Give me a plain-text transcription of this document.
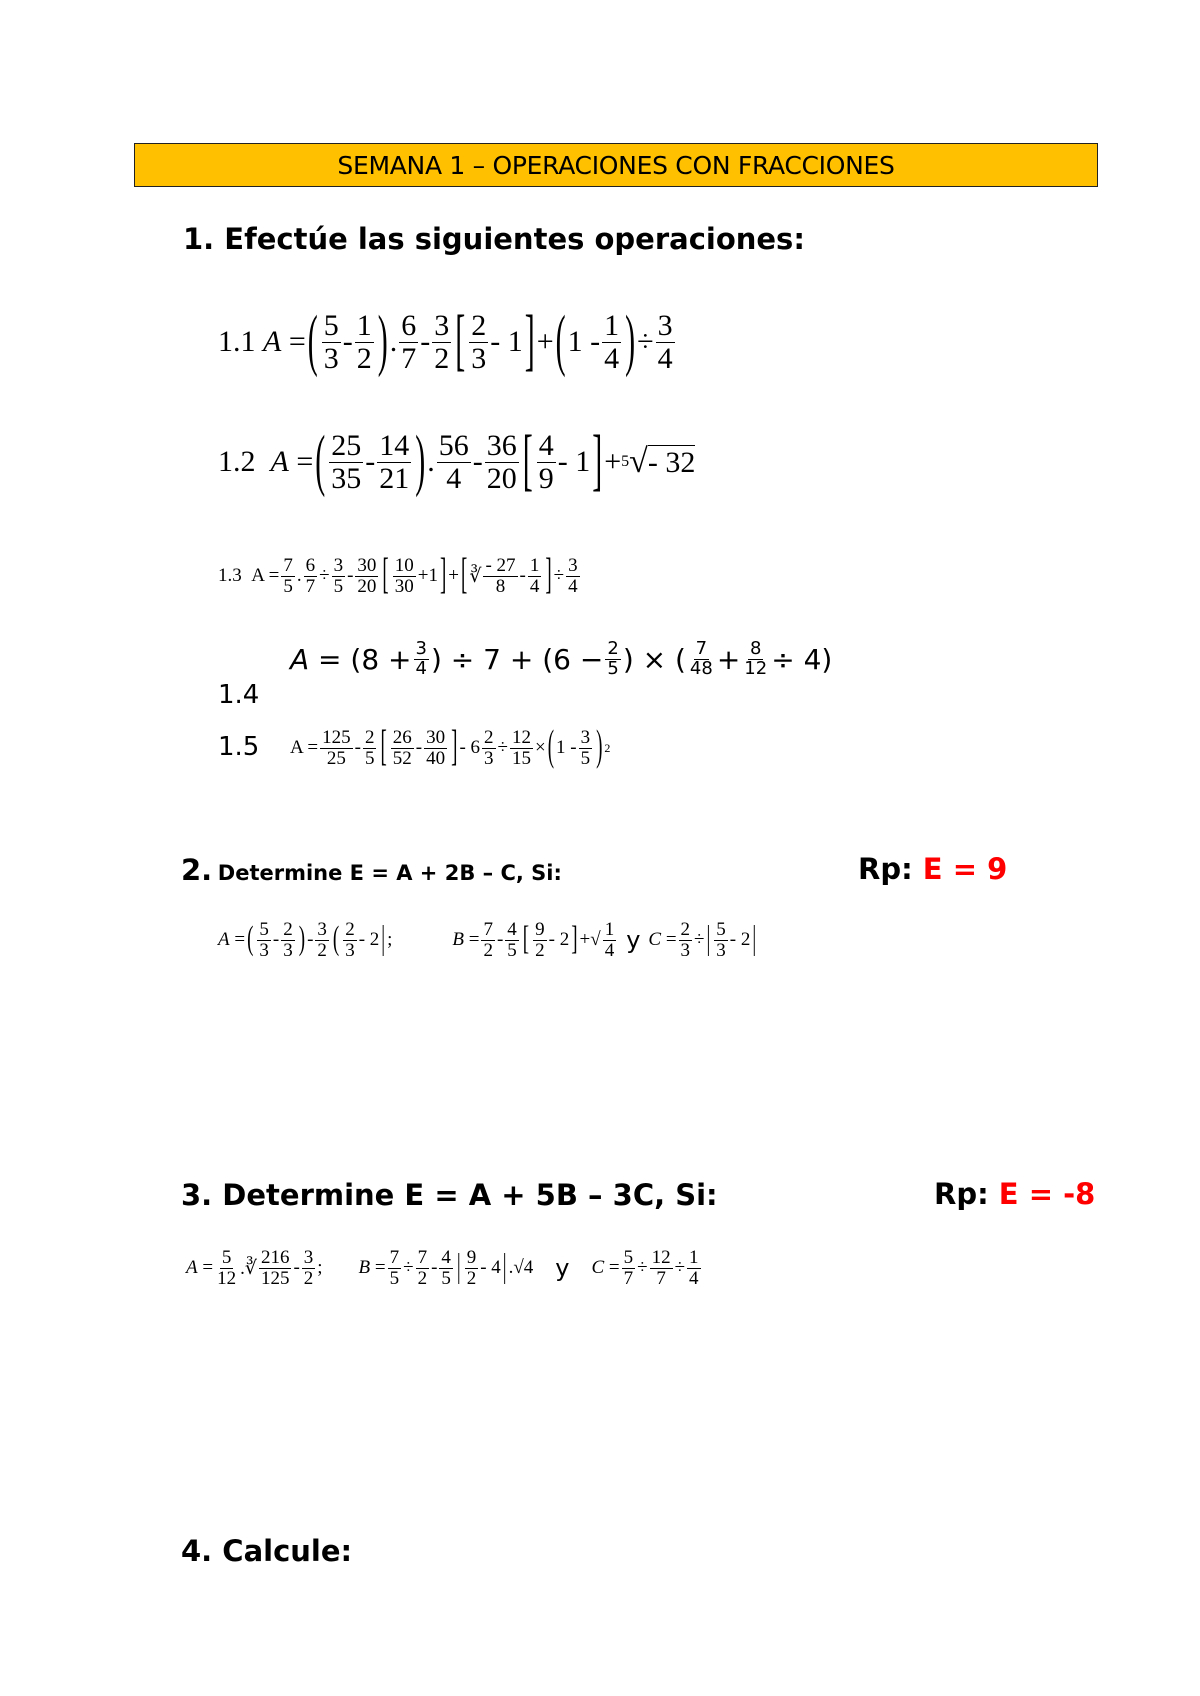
SEMANA 1 – OPERACIONES CON FRACCIONES
1. Efectúe las siguientes operaciones:
1.1
A = ( 5
3 - 1
2 ) . 6
7 - 3
2 [ 2
3 - 1 ] + ( 1 - 1
4 ) ÷ 3
4
1.2
A = ( 25
35 - 14
21 ) . 56
4 - 36
20 [ 4
9 - 1 ] + 5 √ - 32
1.3 A = 7
5 . 6
7 ÷ 3
5 - 30
20 [ 10
30 +1 ] + [ ∛
- 27
8 - 1
4 ] ÷ 3
4
A = (8 + 3
4 ) ÷ 7 + (6 − 2
5 ) × ( 7
48 + 8
12 ÷ 4)
1.4
1.5 A = 125
25 - 2
5 [ 26
52 - 30
40 ] - 6 2
3 ÷ 12
15 × ( 1 - 3
5 ) 2
2. Determine E = A + 2B – C, Si:	Rp: E = 9
A = ( 5
3 - 2
3 ) - 3
2 ( 2
3 - 2 | ;	B = 7
2 - 4
5 [ 9
2 - 2 ] + √ 1
4 y C = 2
3 ÷ | 5
3 - 2 |
3. Determine E = A + 5B – 3C, Si:	Rp: E = -8
A = 5
12 .∛
216
125 - 3
2 ; B = 7
5 ÷ 7
2 - 4
5 | 9
2 - 4 | .√4 y C = 5
7 ÷ 12
7 ÷ 1
4
4. Calcule:
